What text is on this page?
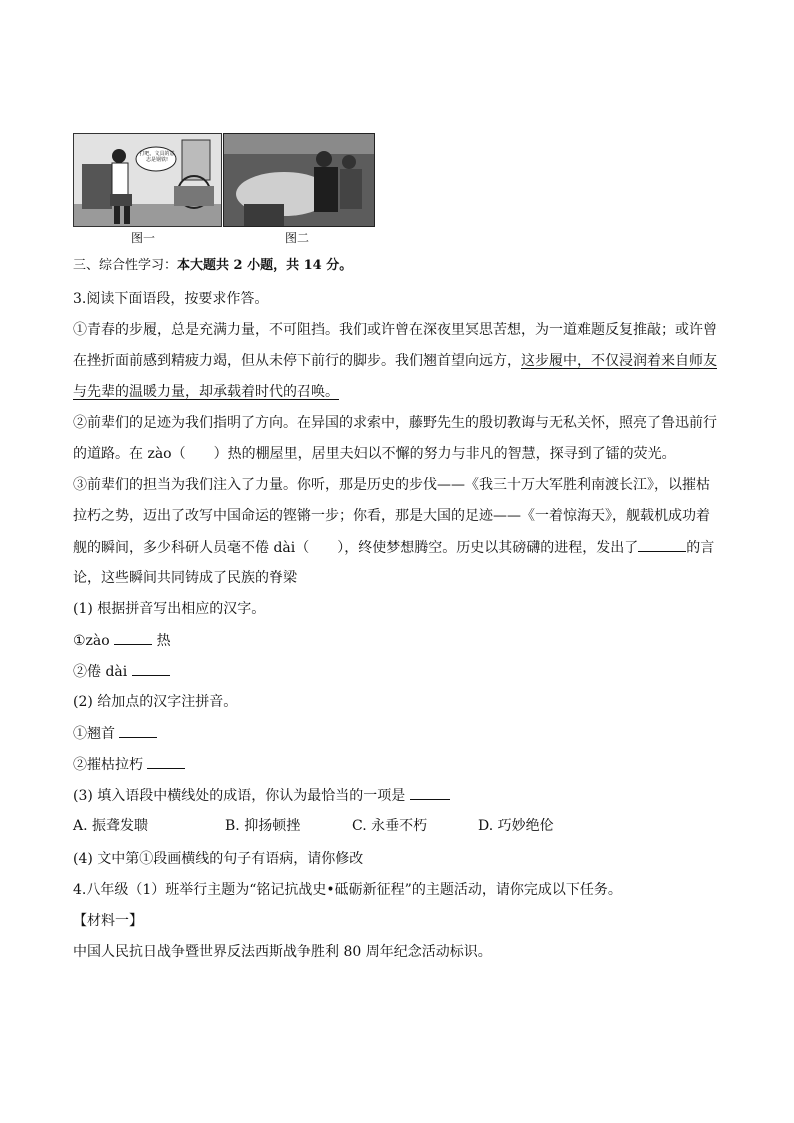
打吧，文具的意志是钢铁!
图一	图二
三、综合性学习：本大题共 2 小题，共 14 分。
3.阅读下面语段，按要求作答。
①青春的步履，总是充满力量，不可阻挡。我们或许曾在深夜里冥思苦想，为一道难题反复推敲；或许曾
在挫折面前感到精疲力竭，但从未停下前行的脚步。我们翘首望向远方，这步履中，不仅浸润着来自师友
与先辈的温暖力量，却承载着时代的召唤。
②前辈们的足迹为我们指明了方向。在异国的求索中，藤野先生的殷切教诲与无私关怀，照亮了鲁迅前行
的道路。在 zào（　　）热的棚屋里，居里夫妇以不懈的努力与非凡的智慧，探寻到了镭的荧光。
③前辈们的担当为我们注入了力量。你听，那是历史的步伐——《我三十万大军胜利南渡长江》，以摧枯
拉朽之势，迈出了改写中国命运的铿锵一步；你看，那是大国的足迹——《一着惊海天》，舰载机成功着
舰的瞬间，多少科研人员毫不倦 dài（　　），终使梦想腾空。历史以其磅礴的进程，发出了	的言
论，这些瞬间共同铸成了民族的脊梁
(1) 根据拼音写出相应的汉字。
①zào	热
②倦 dài
(2) 给加点的汉字注拼音。
①翘首
②摧枯拉朽
(3) 填入语段中横线处的成语，你认为最恰当的一项是
A. 振聋发聩	B. 抑扬顿挫	C. 永垂不朽	D. 巧妙绝伦
(4) 文中第①段画横线的句子有语病，请你修改
4.八年级（1）班举行主题为“铭记抗战史•砥砺新征程”的主题活动，请你完成以下任务。
【材料一】
中国人民抗日战争暨世界反法西斯战争胜利 80 周年纪念活动标识。
